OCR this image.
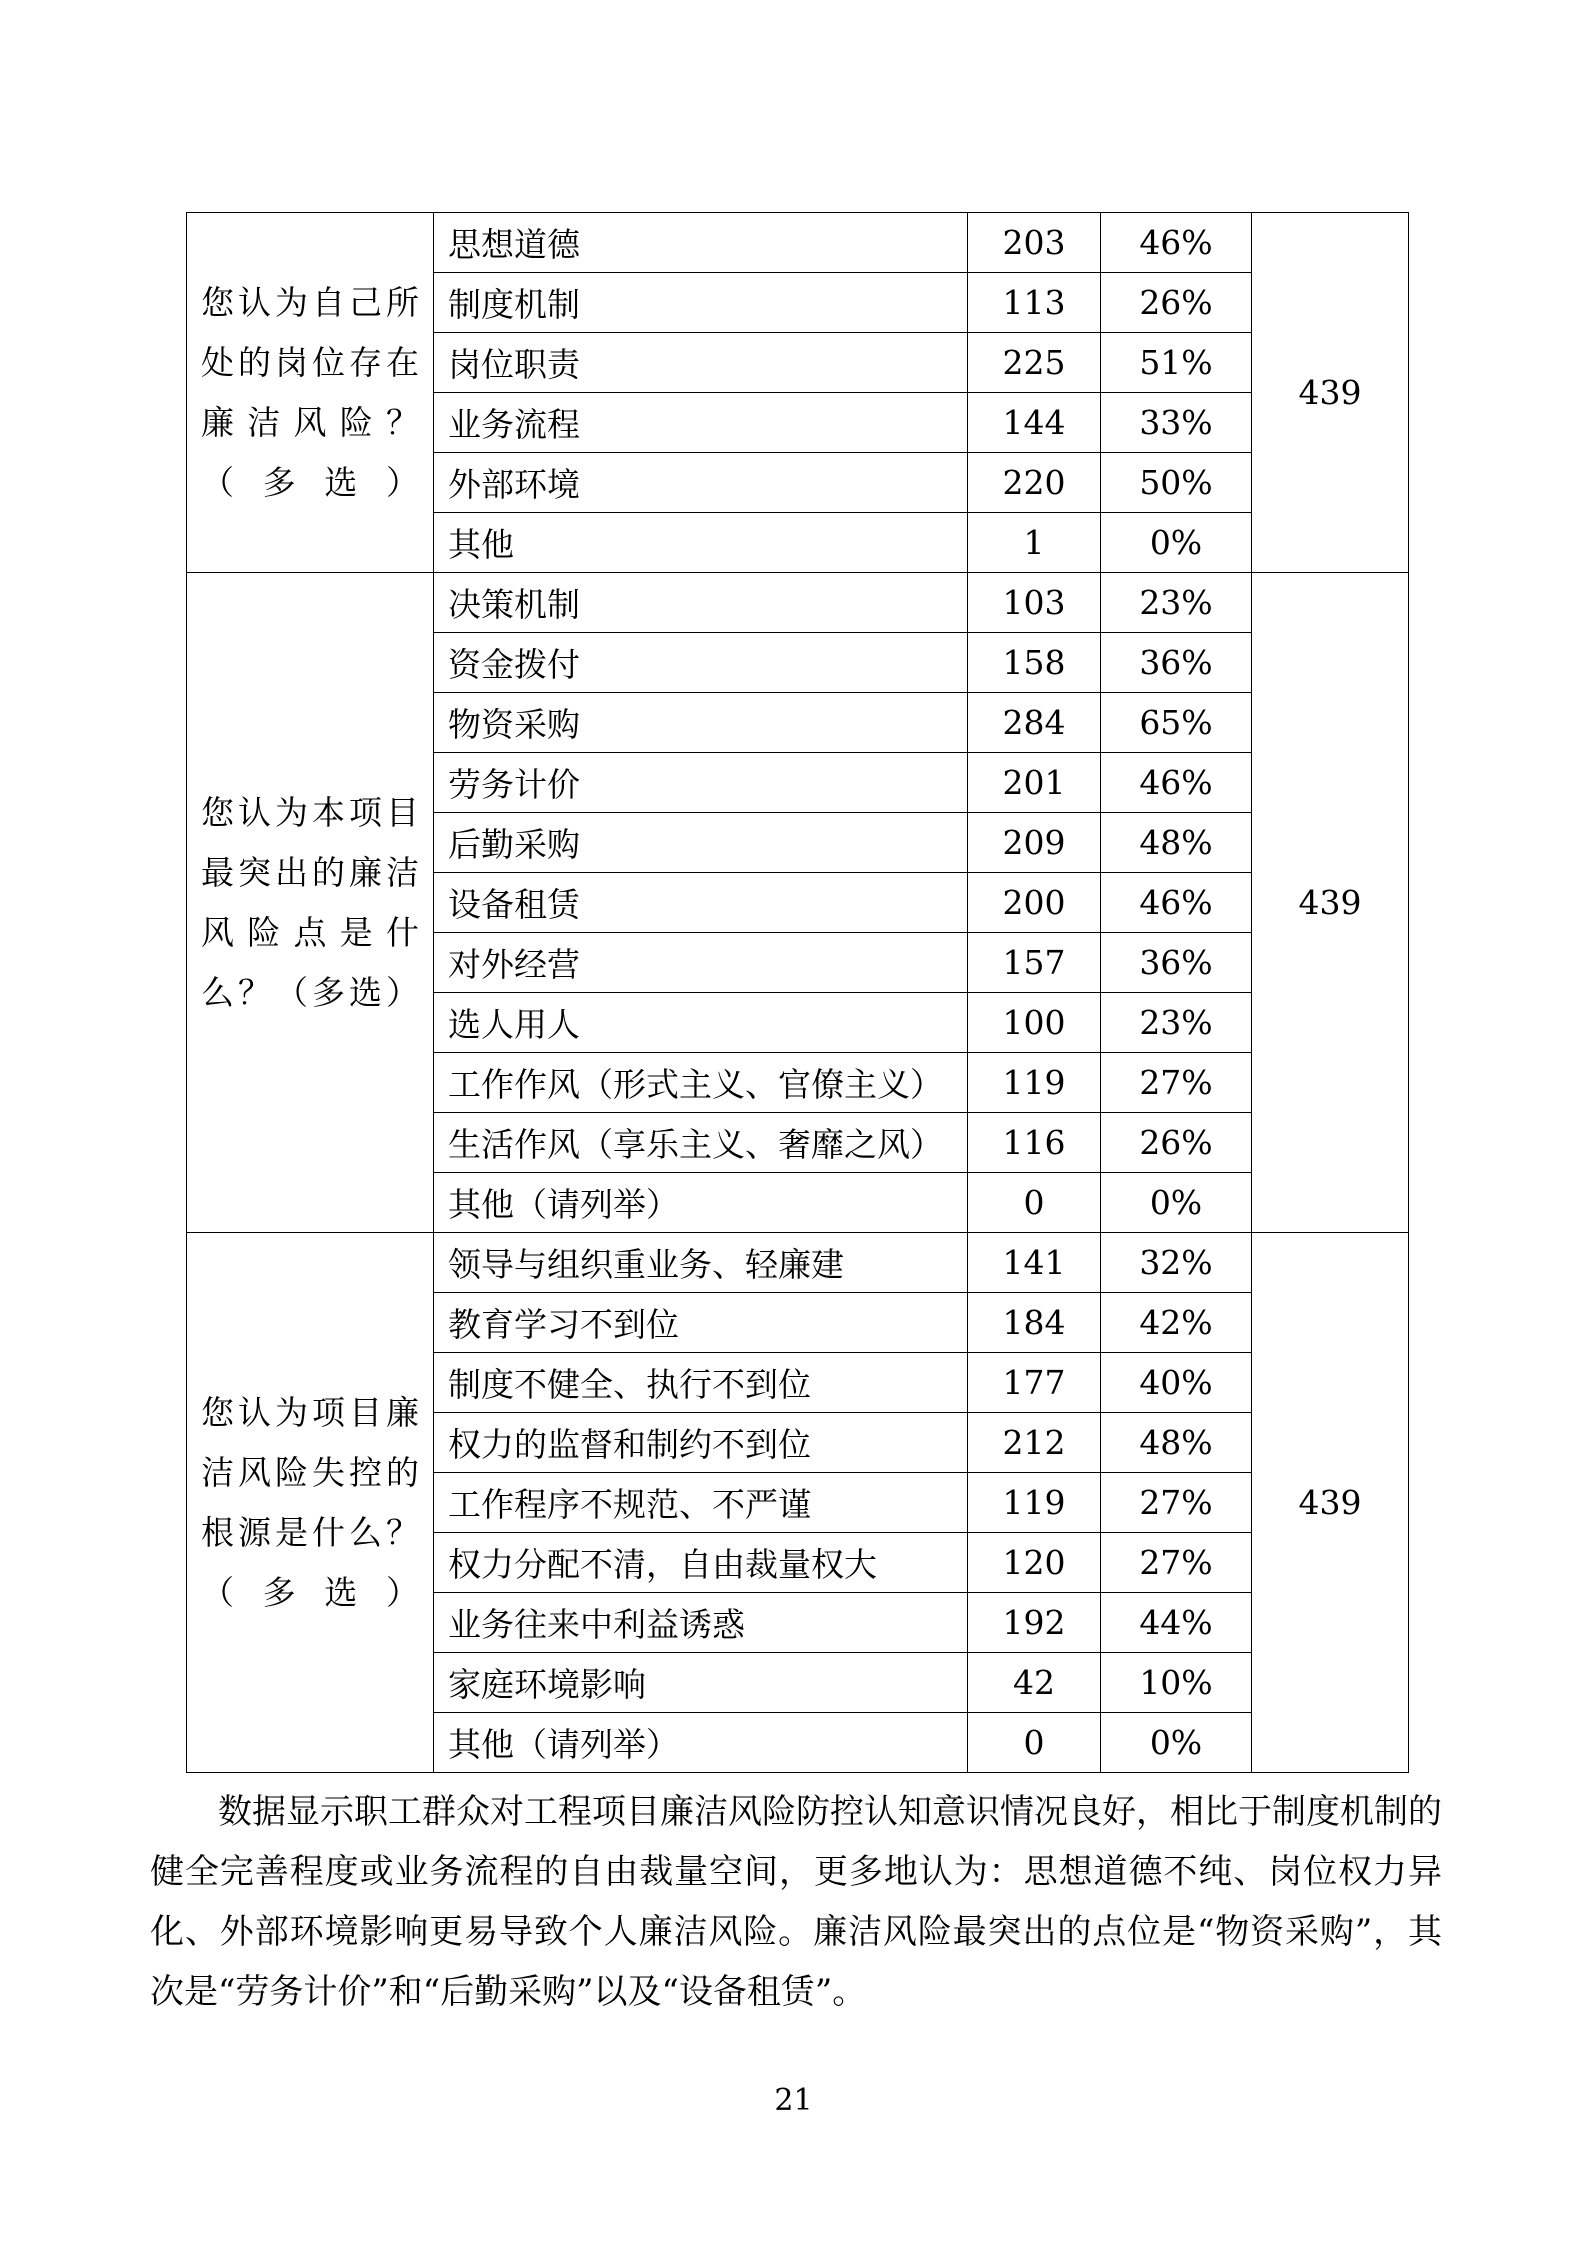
您认为自己所处的岗位存在廉洁风险？（多选）	思想道德	203	46%	439
	制度机制	113	26%	
	岗位职责	225	51%	
	业务流程	144	33%	
	外部环境	220	50%	
	其他	1	0%	

您认为本项目最突出的廉洁风险点是什么？（多选）	决策机制	103	23%	439
	资金拨付	158	36%	
	物资采购	284	65%	
	劳务计价	201	46%	
	后勤采购	209	48%	
	设备租赁	200	46%	
	对外经营	157	36%	
	选人用人	100	23%	
	工作作风（形式主义、官僚主义）	119	27%	
	生活作风（享乐主义、奢靡之风）	116	26%	
	其他（请列举）	0	0%	

您认为项目廉洁风险失控的根源是什么？（多选）	领导与组织重业务、轻廉建	141	32%	439
	教育学习不到位	184	42%	
	制度不健全、执行不到位	177	40%	
	权力的监督和制约不到位	212	48%	
	工作程序不规范、不严谨	119	27%	
	权力分配不清，自由裁量权大	120	27%	
	业务往来中利益诱惑	192	44%	
	家庭环境影响	42	10%	
	其他（请列举）	0	0%	

数据显示职工群众对工程项目廉洁风险防控认知意识情况良好，相比于制度机制的健全完善程度或业务流程的自由裁量空间，更多地认为：思想道德不纯、岗位权力异化、外部环境影响更易导致个人廉洁风险。廉洁风险最突出的点位是“物资采购”，其次是“劳务计价”和“后勤采购”以及“设备租赁”。

21
